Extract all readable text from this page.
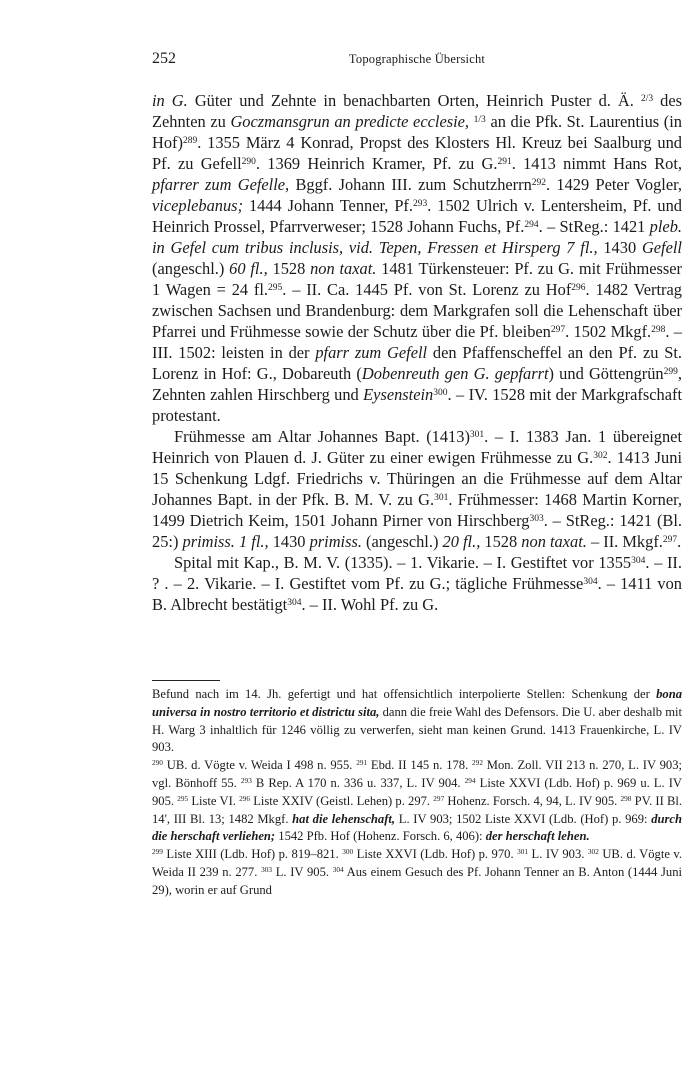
252	Topographische Übersicht

in G. Güter und Zehnte in benachbarten Orten, Heinrich Puster d. Ä. $^{2/3}$ des Zehnten zu Goczmansgrun an predicte ecclesie, $^{1/3}$ an die Pfk. St. Laurentius (in Hof)$^{289}$. 1355 März 4 Konrad, Propst des Klosters Hl. Kreuz bei Saalburg und Pf. zu Gefell$^{290}$. 1369 Heinrich Kramer, Pf. zu G.$^{291}$. 1413 nimmt Hans Rot, pfarrer zum Gefelle, Bggf. Johann III. zum Schutzherrn$^{292}$. 1429 Peter Vogler, viceplebanus; 1444 Johann Tenner, Pf.$^{293}$. 1502 Ulrich v. Lentersheim, Pf. und Heinrich Prossel, Pfarrverweser; 1528 Johann Fuchs, Pf.$^{294}$. – StReg.: 1421 pleb. in Gefel cum tribus inclusis, vid. Tepen, Fressen et Hirsperg 7 fl., 1430 Gefell (angeschl.) 60 fl., 1528 non taxat. 1481 Türkensteuer: Pf. zu G. mit Frühmesser 1 Wagen = 24 fl.$^{295}$. – II. Ca. 1445 Pf. von St. Lorenz zu Hof$^{296}$. 1482 Vertrag zwischen Sachsen und Brandenburg: dem Markgrafen soll die Lehenschaft über Pfarrei und Frühmesse sowie der Schutz über die Pf. bleiben$^{297}$. 1502 Mkgf.$^{298}$. – III. 1502: leisten in der pfarr zum Gefell den Pfaffenscheffel an den Pf. zu St. Lorenz in Hof: G., Dobareuth (Dobenreuth gen G. gepfarrt) und Göttengrün$^{299}$, Zehnten zahlen Hirschberg und Eysenstein$^{300}$. – IV. 1528 mit der Markgrafschaft protestant.

Frühmesse am Altar Johannes Bapt. $(1413)^{301}$. – I. 1383 Jan. 1 übereignet Heinrich von Plauen d. J. Güter zu einer ewigen Frühmesse zu G.$^{302}$. 1413 Juni 15 Schenkung Ldgf. Friedrichs v. Thüringen an die Frühmesse auf dem Altar Johannes Bapt. in der Pfk. B. M. V. zu G.$^{301}$. Frühmesser: 1468 Martin Korner, 1499 Dietrich Keim, 1501 Johann Pirner von Hirschberg$^{303}$. – StReg.: 1421 (Bl. 25:) primiss. 1 fl., 1430 primiss. (angeschl.) 20 fl., 1528 non taxat. – II. Mkgf.$^{297}$.

Spital mit Kap., B. M. V. (1335). – 1. Vikarie. – I. Gestiftet vor 1355$^{304}$. – II. ? . – 2. Vikarie. – I. Gestiftet vom Pf. zu G.; tägliche Frühmesse$^{304}$. – 1411 von B. Albrecht bestätigt$^{304}$. – II. Wohl Pf. zu G.

Befund nach im 14. Jh. gefertigt und hat offensichtlich interpolierte Stellen: Schenkung der bona universa in nostro territorio et districtu sita, dann die freie Wahl des Defensors. Die U. aber deshalb mit H. Warg 3 inhaltlich für 1246 völlig zu verwerfen, sieht man keinen Grund. 1413 Frauenkirche, L. IV 903.

$^{290}$ UB. d. Vögte v. Weida I 498 n. 955. $^{291}$ Ebd. II 145 n. 178. $^{292}$ Mon. Zoll. VII 213 n. 270, L. IV 903; vgl. Bönhoff 55. $^{293}$ B Rep. A 170 n. 336 u. 337, L. IV 904. $^{294}$ Liste XXVI (Ldb. Hof) p. 969 u. L. IV 905. $^{295}$ Liste VI. $^{296}$ Liste XXIV (Geistl. Lehen) p. 297. $^{297}$ Hohenz. Forsch. 4, 94, L. IV 905. $^{298}$ PV. II Bl. 14', III Bl. 13; 1482 Mkgf. hat die lehenschaft, L. IV 903; 1502 Liste XXVI (Ldb. (Hof) p. 969: durch die herschaft verliehen; 1542 Pfb. Hof (Hohenz. Forsch. 6, 406): der herschaft lehen.

$^{299}$ Liste XIII (Ldb. Hof) p. 819–821. $^{300}$ Liste XXVI (Ldb. Hof) p. 970. $^{301}$ L. IV 903. $^{302}$ UB. d. Vögte v. Weida II 239 n. 277. $^{303}$ L. IV 905. $^{304}$ Aus einem Gesuch des Pf. Johann Tenner an B. Anton (1444 Juni 29), worin er auf Grund
